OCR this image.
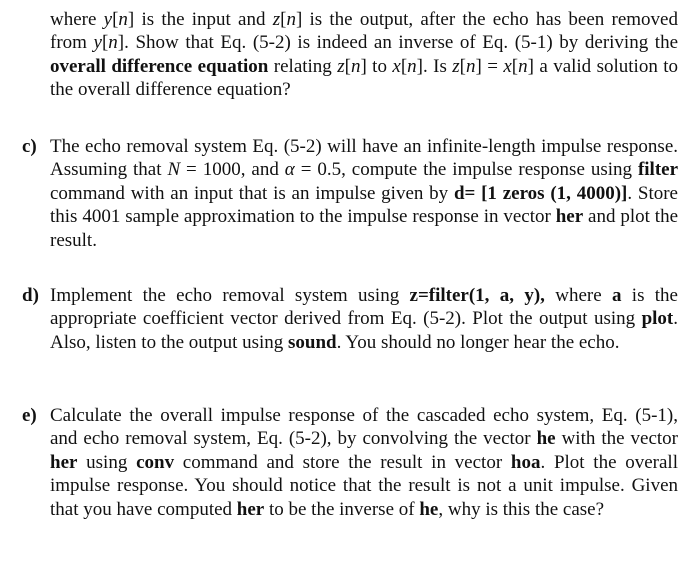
where y[n] is the input and z[n] is the output, after the echo has been removed from y[n]. Show that Eq. (5-2) is indeed an inverse of Eq. (5-1) by deriving the overall difference equation relating z[n] to x[n]. Is z[n] = x[n] a valid solution to the overall difference equation?

c) The echo removal system Eq. (5-2) will have an infinite-length impulse response. Assuming that N = 1000, and α = 0.5, compute the impulse response using filter command with an input that is an impulse given by d= [1 zeros (1, 4000)]. Store this 4001 sample approximation to the impulse response in vector her and plot the result.

d) Implement the echo removal system using z=filter(1, a, y), where a is the appropriate coefficient vector derived from Eq. (5-2). Plot the output using plot. Also, listen to the output using sound. You should no longer hear the echo.

e) Calculate the overall impulse response of the cascaded echo system, Eq. (5-1), and echo removal system, Eq. (5-2), by convolving the vector he with the vector her using conv command and store the result in vector hoa. Plot the overall impulse response. You should notice that the result is not a unit impulse. Given that you have computed her to be the inverse of he, why is this the case?
